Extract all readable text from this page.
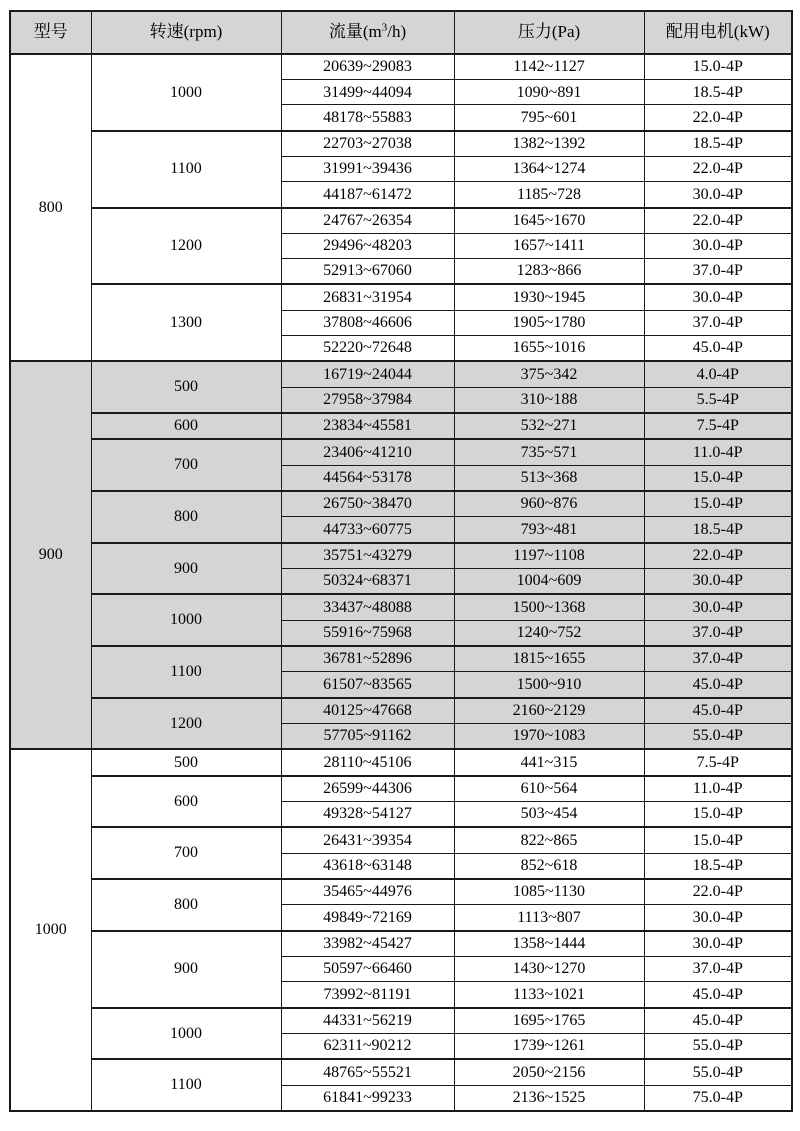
型号	转速(rpm)	流量$(m^3/h)$	压力(Pa)	配用电机(kW)
800	1000	20639~29083	1142~1127	15.0-4P
		31499~44094	1090~891	18.5-4P
		48178~55883	795~601	22.0-4P
	1100	22703~27038	1382~1392	18.5-4P
		31991~39436	1364~1274	22.0-4P
		44187~61472	1185~728	30.0-4P
	1200	24767~26354	1645~1670	22.0-4P
		29496~48203	1657~1411	30.0-4P
		52913~67060	1283~866	37.0-4P
	1300	26831~31954	1930~1945	30.0-4P
		37808~46606	1905~1780	37.0-4P
		52220~72648	1655~1016	45.0-4P
900	500	16719~24044	375~342	4.0-4P
		27958~37984	310~188	5.5-4P
	600	23834~45581	532~271	7.5-4P
	700	23406~41210	735~571	11.0-4P
		44564~53178	513~368	15.0-4P
	800	26750~38470	960~876	15.0-4P
		44733~60775	793~481	18.5-4P
	900	35751~43279	1197~1108	22.0-4P
		50324~68371	1004~609	30.0-4P
	1000	33437~48088	1500~1368	30.0-4P
		55916~75968	1240~752	37.0-4P
	1100	36781~52896	1815~1655	37.0-4P
		61507~83565	1500~910	45.0-4P
	1200	40125~47668	2160~2129	45.0-4P
		57705~91162	1970~1083	55.0-4P
1000	500	28110~45106	441~315	7.5-4P
	600	26599~44306	610~564	11.0-4P
		49328~54127	503~454	15.0-4P
	700	26431~39354	822~865	15.0-4P
		43618~63148	852~618	18.5-4P
	800	35465~44976	1085~1130	22.0-4P
		49849~72169	1113~807	30.0-4P
	900	33982~45427	1358~1444	30.0-4P
		50597~66460	1430~1270	37.0-4P
		73992~81191	1133~1021	45.0-4P
	1000	44331~56219	1695~1765	45.0-4P
		62311~90212	1739~1261	55.0-4P
	1100	48765~55521	2050~2156	55.0-4P
		61841~99233	2136~1525	75.0-4P
